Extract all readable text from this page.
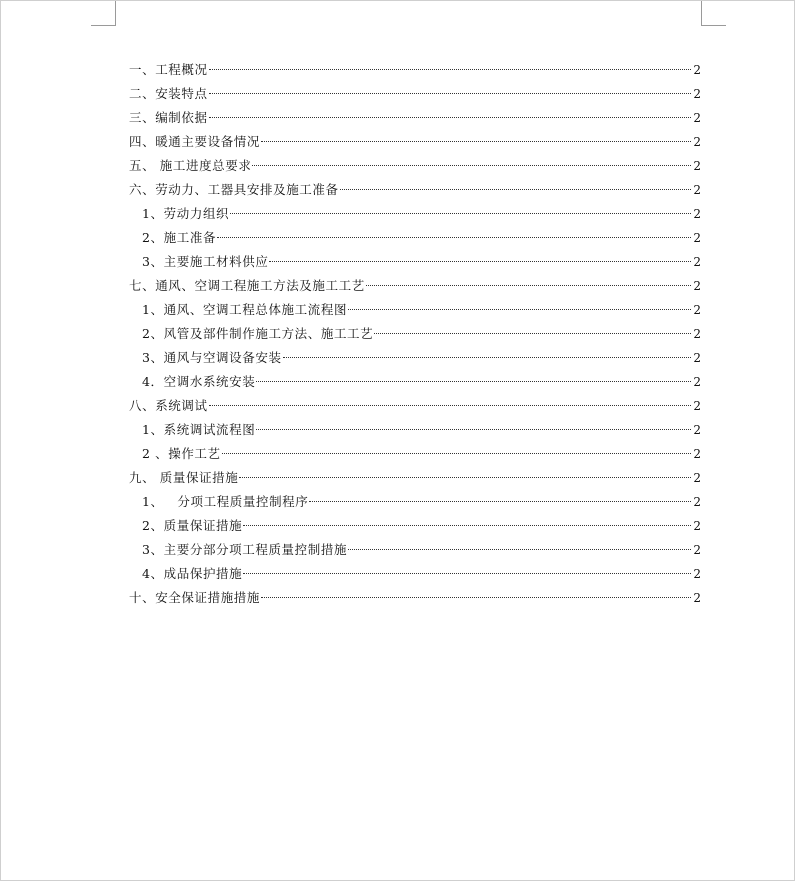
一、工程概况	2
二、安装特点	2
三、编制依据	2
四、暖通主要设备情况	2
五、 施工进度总要求	2
六、劳动力、工器具安排及施工准备	2
1、劳动力组织	2
2、施工准备	2
3、主要施工材料供应	2
七、通风、空调工程施工方法及施工工艺	2
1、通风、空调工程总体施工流程图	2
2、风管及部件制作施工方法、施工工艺	2
3、通风与空调设备安装	2
4．空调水系统安装	2
八、系统调试	2
1、系统调试流程图	2
2 、操作工艺	2
九、 质量保证措施	2
1、   分项工程质量控制程序	2
2、质量保证措施	2
3、主要分部分项工程质量控制措施	2
4、成品保护措施	2
十、安全保证措施措施	2
